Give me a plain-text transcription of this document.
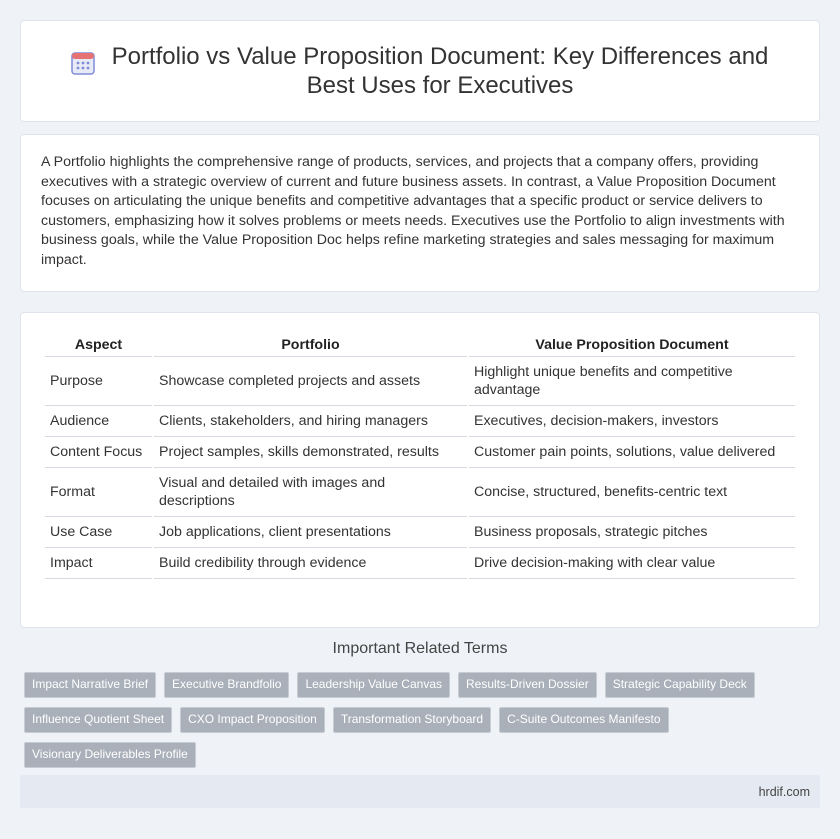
Portfolio vs Value Proposition Document: Key Differences and Best Uses for Executives
A Portfolio highlights the comprehensive range of products, services, and projects that a company offers, providing executives with a strategic overview of current and future business assets. In contrast, a Value Proposition Document focuses on articulating the unique benefits and competitive advantages that a specific product or service delivers to customers, emphasizing how it solves problems or meets needs. Executives use the Portfolio to align investments with business goals, while the Value Proposition Doc helps refine marketing strategies and sales messaging for maximum impact.
Aspect	Portfolio	Value Proposition Document
Purpose	Showcase completed projects and assets	Highlight unique benefits and competitive advantage
Audience	Clients, stakeholders, and hiring managers	Executives, decision-makers, investors
Content Focus	Project samples, skills demonstrated, results	Customer pain points, solutions, value delivered
Format	Visual and detailed with images and descriptions	Concise, structured, benefits-centric text
Use Case	Job applications, client presentations	Business proposals, strategic pitches
Impact	Build credibility through evidence	Drive decision-making with clear value
Important Related Terms
Impact Narrative Brief	Executive Brandfolio	Leadership Value Canvas	Results-Driven Dossier	Strategic Capability Deck
Influence Quotient Sheet	CXO Impact Proposition	Transformation Storyboard	C-Suite Outcomes Manifesto
Visionary Deliverables Profile
hrdif.com
